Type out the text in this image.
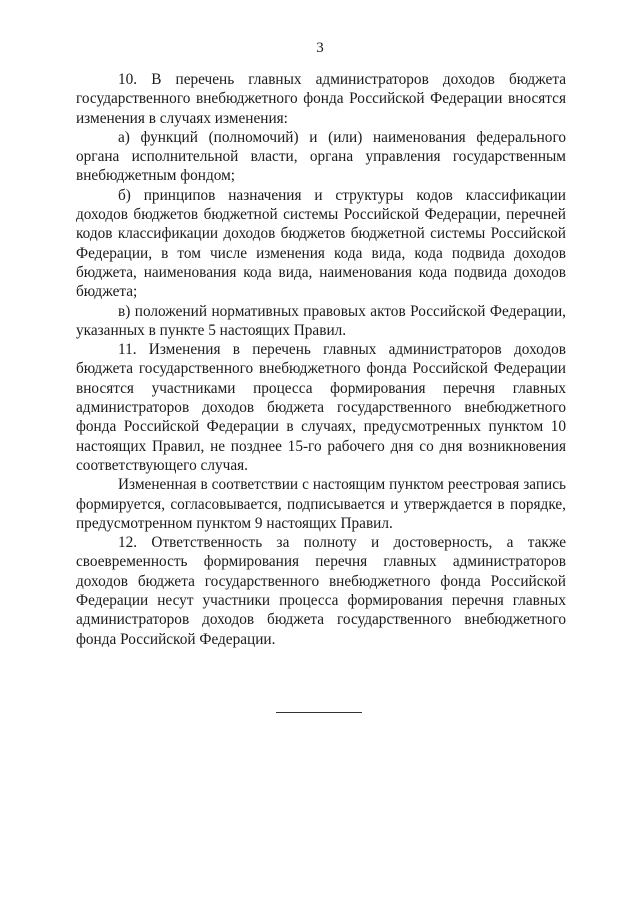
3

10. В перечень главных администраторов доходов бюджета государственного внебюджетного фонда Российской Федерации вносятся изменения в случаях изменения:

а) функций (полномочий) и (или) наименования федерального органа исполнительной власти, органа управления государственным внебюджетным фондом;

б) принципов назначения и структуры кодов классификации доходов бюджетов бюджетной системы Российской Федерации, перечней кодов классификации доходов бюджетов бюджетной системы Российской Федерации, в том числе изменения кода вида, кода подвида доходов бюджета, наименования кода вида, наименования кода подвида доходов бюджета;

в) положений нормативных правовых актов Российской Федерации, указанных в пункте 5 настоящих Правил.

11. Изменения в перечень главных администраторов доходов бюджета государственного внебюджетного фонда Российской Федерации вносятся участниками процесса формирования перечня главных администраторов доходов бюджета государственного внебюджетного фонда Российской Федерации в случаях, предусмотренных пунктом 10 настоящих Правил, не позднее 15-го рабочего дня со дня возникновения соответствующего случая.

Измененная в соответствии с настоящим пунктом реестровая запись формируется, согласовывается, подписывается и утверждается в порядке, предусмотренном пунктом 9 настоящих Правил.

12. Ответственность за полноту и достоверность, а также своевременность формирования перечня главных администраторов доходов бюджета государственного внебюджетного фонда Российской Федерации несут участники процесса формирования перечня главных администраторов доходов бюджета государственного внебюджетного фонда Российской Федерации.
